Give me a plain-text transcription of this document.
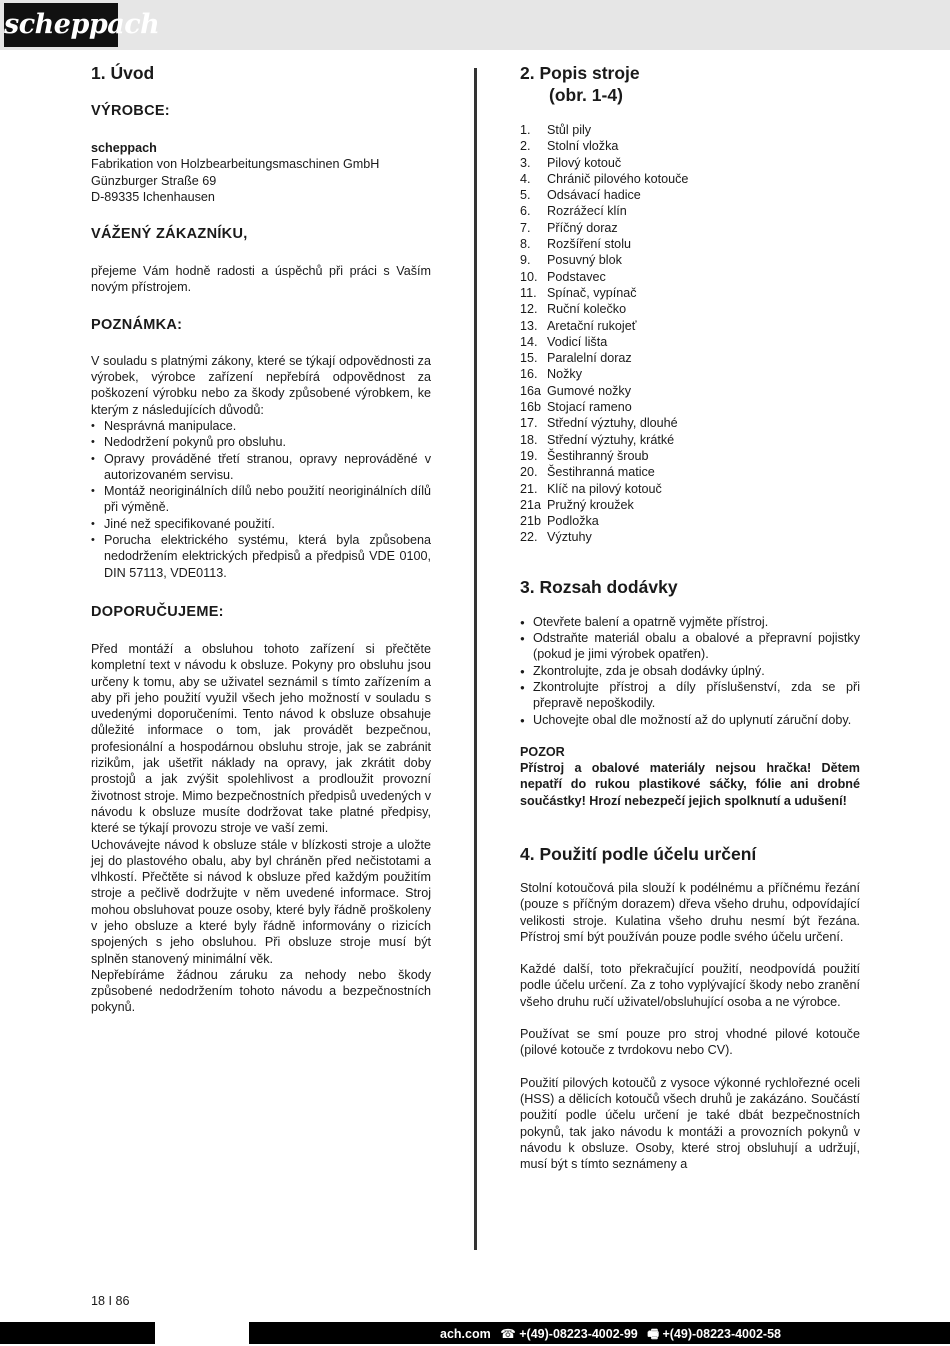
scheppach
1. Úvod
VÝROBCE:

scheppach

Fabrikation von Holzbearbeitungsmaschinen GmbH

Günzburger Straße 69

D-89335 Ichenhausen

VÁŽENÝ ZÁKAZNÍKU,

přejeme Vám hodně radosti a úspěchů při práci s Vaším novým přístrojem.

POZNÁMKA:

V souladu s platnými zákony, které se týkají odpovědnosti za výrobek, výrobce zařízení nepřebírá odpovědnost za poškození výrobku nebo za škody způsobené výrobkem, ke kterým z následujících důvodů:

• Nesprávná manipulace.
• Nedodržení pokynů pro obsluhu.
• Opravy prováděné třetí stranou, opravy neprováděné v autorizovaném servisu.
• Montáž neoriginálních dílů nebo použití neoriginálních dílů při výměně.
• Jiné než specifikované použití.
• Porucha elektrického systému, která byla způsobena nedodržením elektrických předpisů a předpisů VDE 0100, DIN 57113, VDE0113.
DOPORUČUJEME:

Před montáží a obsluhou tohoto zařízení si přečtěte kompletní text v návodu k obsluze. Pokyny pro obsluhu jsou určeny k tomu, aby se uživatel seznámil s tímto zařízením a aby při jeho použití využil všech jeho možností v souladu s uvedenými doporučeními. Tento návod k obsluze obsahuje důležité informace o tom, jak provádět bezpečnou, profesionální a hospodárnou obsluhu stroje, jak se zabránit rizikům, jak ušetřit náklady na opravy, jak zkrátit doby prostojů a jak zvýšit spolehlivost a prodloužit provozní životnost stroje. Mimo bezpečnostních předpisů uvedených v návodu k obsluze musíte dodržovat take platné předpisy, které se týkají provozu stroje ve vaší zemi.

Uchovávejte návod k obsluze stále v blízkosti stroje a uložte jej do plastového obalu, aby byl chráněn před nečistotami a vlhkostí. Přečtěte si návod k obsluze před každým použitím stroje a pečlivě dodržujte v něm uvedené informace. Stroj mohou obsluhovat pouze osoby, které byly řádně proškoleny v jeho obsluze a které byly řádně informovány o rizicích spojených s jeho obsluhou. Při obsluze stroje musí být splněn stanovený minimální věk.

Nepřebíráme žádnou záruku za nehody nebo škody způsobené nedodržením tohoto návodu a bezpečnostních pokynů.

2. Popis stroje
(obr. 1-4)
1. Stůl pily
2. Stolní vložka
3. Pilový kotouč
4. Chránič pilového kotouče
5. Odsávací hadice
6. Rozrážecí klín
7. Příčný doraz
8. Rozšíření stolu
9. Posuvný blok
10. Podstavec
11. Spínač, vypínač
12. Ruční kolečko
13. Aretační rukojeť
14. Vodicí lišta
15. Paralelní doraz
16. Nožky
16a Gumové nožky
16b Stojací rameno
17. Střední výztuhy, dlouhé
18. Střední výztuhy, krátké
19. Šestihranný šroub
20. Šestihranná matice
21. Klíč na pilový kotouč
21a Pružný kroužek
21b Podložka
22. Výztuhy
3. Rozsah dodávky
● Otevřete balení a opatrně vyjměte přístroj.
● Odstraňte materiál obalu a obalové a přepravní pojistky (pokud je jimi výrobek opatřen).
● Zkontrolujte, zda je obsah dodávky úplný.
● Zkontrolujte přístroj a díly příslušenství, zda se při přepravě nepoškodily.
● Uchovejte obal dle možností až do uplynutí záruční doby.

POZOR

Přístroj a obalové materiály nejsou hračka! Dětem nepatří do rukou plastikové sáčky, fólie ani drobné součástky! Hrozí nebezpečí jejich spolknutí a udušení!

4. Použití podle účelu určení

Stolní kotoučová pila slouží k podélnému a příčnému řezání (pouze s příčným dorazem) dřeva všeho druhu, odpovídající velikosti stroje. Kulatina všeho druhu nesmí být řezána. Přístroj smí být používán pouze podle svého účelu určení.

Každé další, toto překračující použití, neodpovídá použití podle účelu určení. Za z toho vyplývající škody nebo zranění všeho druhu ručí uživatel/obsluhující osoba a ne výrobce.

Používat se smí pouze pro stroj vhodné pilové kotouče (pilové kotouče z tvrdokovu nebo CV).

Použití pilových kotoučů z vysoce výkonné rychlořezné oceli (HSS) a dělicích kotoučů všech druhů je zakázáno. Součástí použití podle účelu určení je také dbát bezpečnostních pokynů, tak jako návodu k montáži a provozních pokynů v návodu k obsluze. Osoby, které stroj obsluhují a udržují, musí být s tímto seznámeny a

18 I 86
ach.com ☎ +(49)-08223-4002-99 🖷 +(49)-08223-4002-58
